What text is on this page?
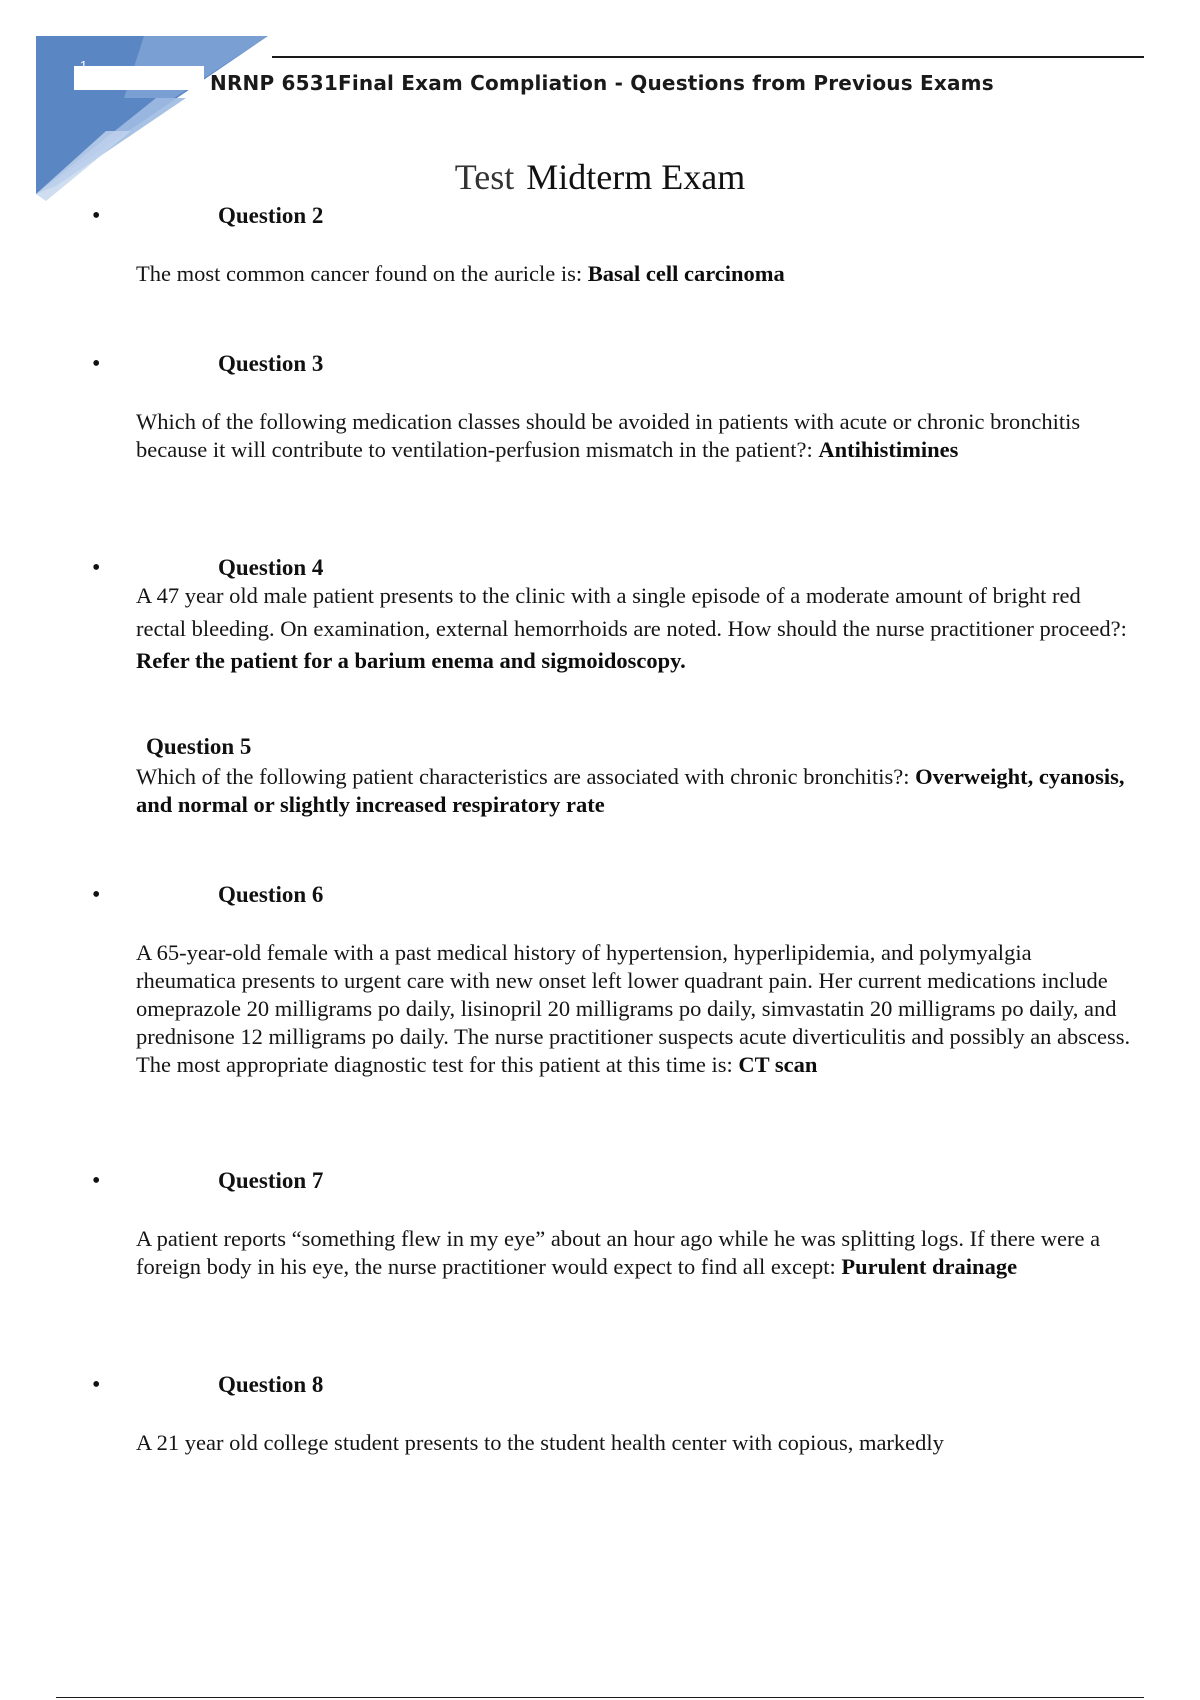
1
NRNP 6531Final Exam Compliation - Questions from Previous Exams
Test Midterm Exam
•	Question 2
The most common cancer found on the auricle is: Basal cell carcinoma
•	Question 3
Which of the following medication classes should be avoided in patients with acute or chronic bronchitis because it will contribute to ventilation-perfusion mismatch in the patient?: Antihistimines
•	Question 4
A 47 year old male patient presents to the clinic with a single episode of a moderate amount of bright red rectal bleeding. On examination, external hemorrhoids are noted. How should the nurse practitioner proceed?: Refer the patient for a barium enema and sigmoidoscopy.
Question 5
Which of the following patient characteristics are associated with chronic bronchitis?: Overweight, cyanosis, and normal or slightly increased respiratory rate
•	Question 6
A 65-year-old female with a past medical history of hypertension, hyperlipidemia, and polymyalgia rheumatica presents to urgent care with new onset left lower quadrant pain. Her current medications include omeprazole 20 milligrams po daily, lisinopril 20 milligrams po daily, simvastatin 20 milligrams po daily, and prednisone 12 milligrams po daily. The nurse practitioner suspects acute diverticulitis and possibly an abscess. The most appropriate diagnostic test for this patient at this time is: CT scan
•	Question 7
A patient reports “something flew in my eye” about an hour ago while he was splitting logs. If there were a foreign body in his eye, the nurse practitioner would expect to find all except: Purulent drainage
•	Question 8
A 21 year old college student presents to the student health center with copious, markedly
